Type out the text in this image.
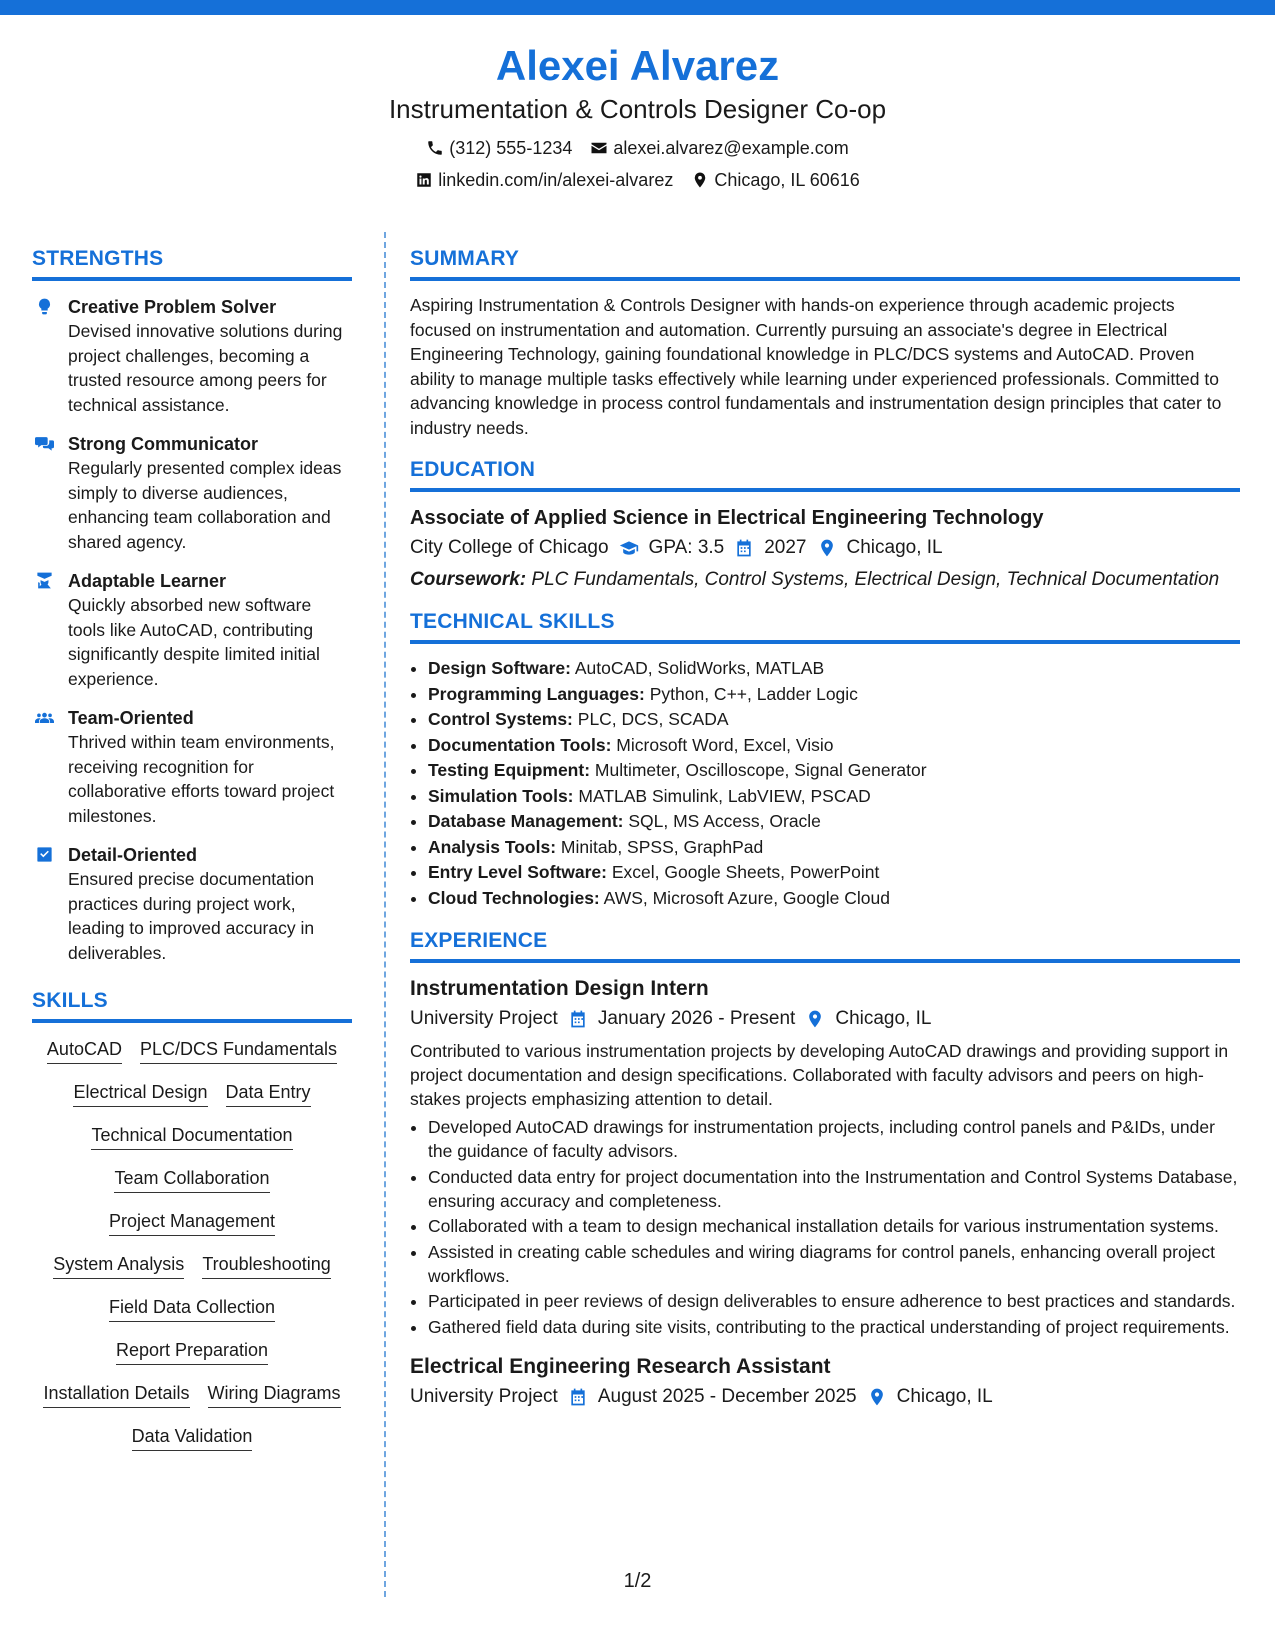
Alexei Alvarez
Instrumentation & Controls Designer Co-op
(312) 555-1234 alexei.alvarez@example.com
linkedin.com/in/alexei-alvarez Chicago, IL 60616
STRENGTHS
Creative Problem Solver
Devised innovative solutions during project challenges, becoming a trusted resource among peers for technical assistance.
Strong Communicator
Regularly presented complex ideas simply to diverse audiences, enhancing team collaboration and shared agency.
Adaptable Learner
Quickly absorbed new software tools like AutoCAD, contributing significantly despite limited initial experience.
Team-Oriented
Thrived within team environments, receiving recognition for collaborative efforts toward project milestones.
Detail-Oriented
Ensured precise documentation practices during project work, leading to improved accuracy in deliverables.
SKILLS
AutoCAD PLC/DCS Fundamentals
Electrical Design Data Entry
Technical Documentation
Team Collaboration
Project Management
System Analysis Troubleshooting
Field Data Collection
Report Preparation
Installation Details Wiring Diagrams
Data Validation
SUMMARY

Aspiring Instrumentation & Controls Designer with hands-on experience through academic projects focused on instrumentation and automation. Currently pursuing an associate's degree in Electrical Engineering Technology, gaining foundational knowledge in PLC/DCS systems and AutoCAD. Proven ability to manage multiple tasks effectively while learning under experienced professionals. Committed to advancing knowledge in process control fundamentals and instrumentation design principles that cater to industry needs.

EDUCATION
Associate of Applied Science in Electrical Engineering Technology
City College of Chicago GPA: 3.5 2027 Chicago, IL
Coursework: PLC Fundamentals, Control Systems, Electrical Design, Technical Documentation
TECHNICAL SKILLS
• Design Software: AutoCAD, SolidWorks, MATLAB
• Programming Languages: Python, C++, Ladder Logic
• Control Systems: PLC, DCS, SCADA
• Documentation Tools: Microsoft Word, Excel, Visio
• Testing Equipment: Multimeter, Oscilloscope, Signal Generator
• Simulation Tools: MATLAB Simulink, LabVIEW, PSCAD
• Database Management: SQL, MS Access, Oracle
• Analysis Tools: Minitab, SPSS, GraphPad
• Entry Level Software: Excel, Google Sheets, PowerPoint
• Cloud Technologies: AWS, Microsoft Azure, Google Cloud
EXPERIENCE
Instrumentation Design Intern
University Project January 2026 - Present Chicago, IL
Contributed to various instrumentation projects by developing AutoCAD drawings and providing support in project documentation and design specifications. Collaborated with faculty advisors and peers on high-stakes projects emphasizing attention to detail.
• Developed AutoCAD drawings for instrumentation projects, including control panels and P&IDs, under the guidance of faculty advisors.
• Conducted data entry for project documentation into the Instrumentation and Control Systems Database, ensuring accuracy and completeness.
• Collaborated with a team to design mechanical installation details for various instrumentation systems.
• Assisted in creating cable schedules and wiring diagrams for control panels, enhancing overall project workflows.
• Participated in peer reviews of design deliverables to ensure adherence to best practices and standards.
• Gathered field data during site visits, contributing to the practical understanding of project requirements.
Electrical Engineering Research Assistant
University Project August 2025 - December 2025 Chicago, IL
1/2
